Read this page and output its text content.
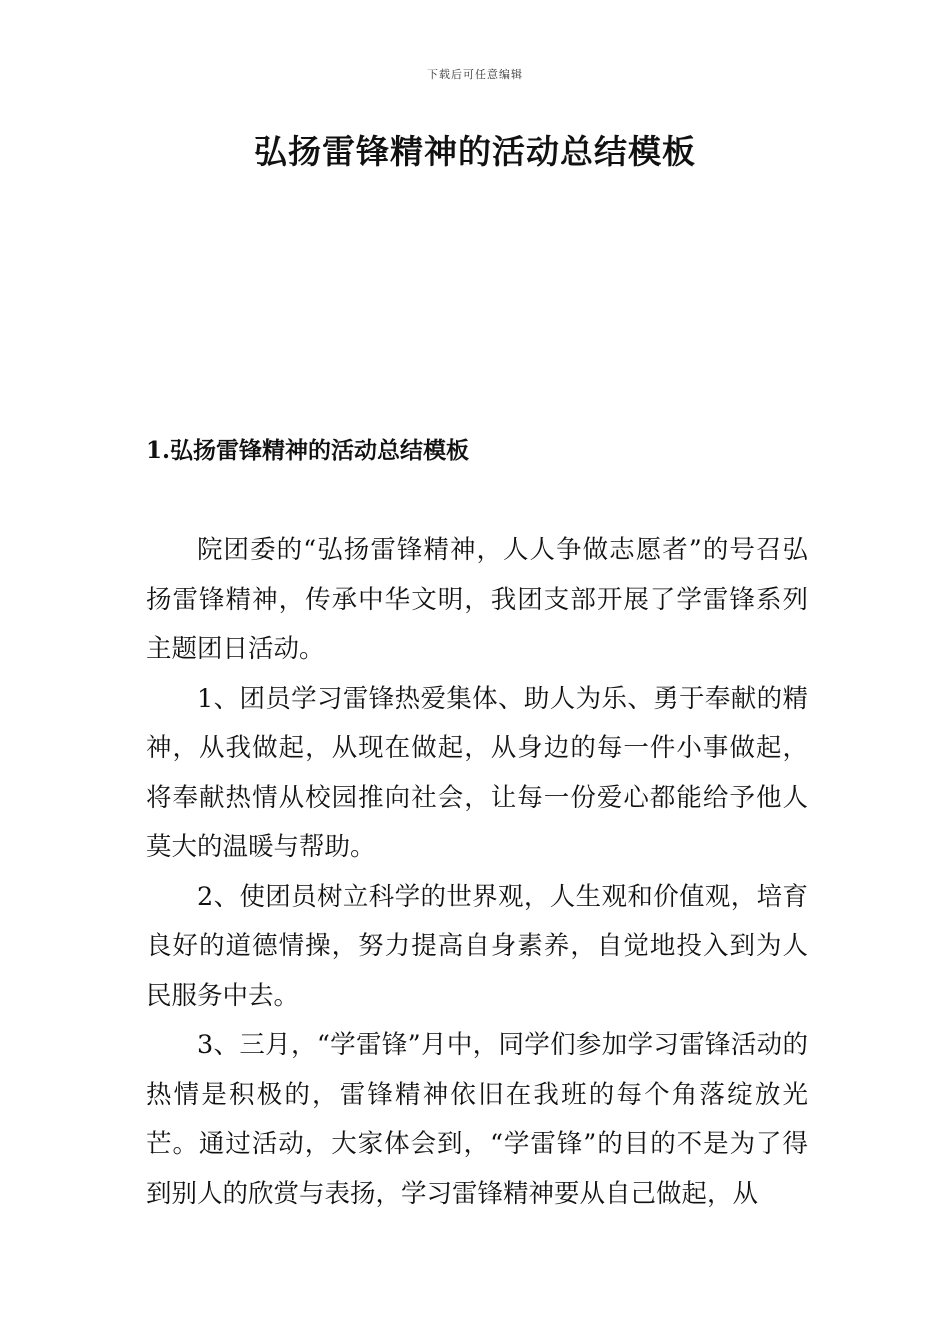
下载后可任意编辑
弘扬雷锋精神的活动总结模板
1.弘扬雷锋精神的活动总结模板

院团委的“弘扬雷锋精神，人人争做志愿者”的号召弘扬雷锋精神，传承中华文明，我团支部开展了学雷锋系列主题团日活动。

1、团员学习雷锋热爱集体、助人为乐、勇于奉献的精神，从我做起，从现在做起，从身边的每一件小事做起，将奉献热情从校园推向社会，让每一份爱心都能给予他人莫大的温暖与帮助。

2、使团员树立科学的世界观，人生观和价值观，培育良好的道德情操，努力提高自身素养，自觉地投入到为人民服务中去。

3、三月，“学雷锋”月中，同学们参加学习雷锋活动的热情是积极的，雷锋精神依旧在我班的每个角落绽放光芒。通过活动，大家体会到，“学雷锋”的目的不是为了得到别人的欣赏与表扬，学习雷锋精神要从自己做起，从
